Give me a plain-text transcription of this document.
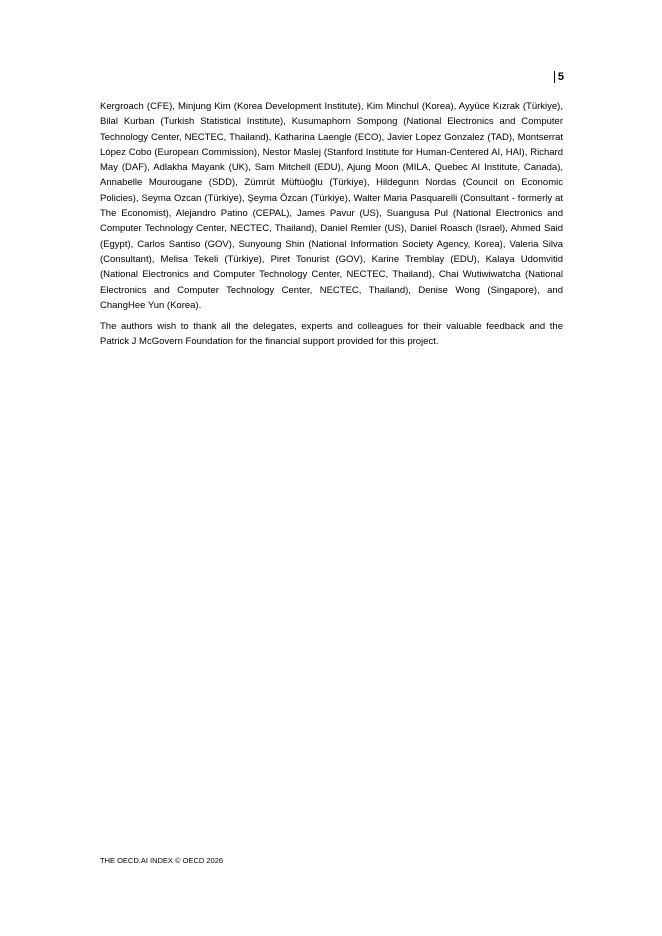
5

Kergroach (CFE), Minjung Kim (Korea Development Institute), Kim Minchul (Korea), Ayyüce Kızrak (Türkiye), Bilal Kurban (Turkish Statistical Institute), Kusumaphorn Sompong (National Electronics and Computer Technology Center, NECTEC, Thailand), Katharina Laengle (ECO), Javier Lopez Gonzalez (TAD), Montserrat López Cobo (European Commission), Nestor Maslej (Stanford Institute for Human-Centered AI, HAI), Richard May (DAF), Adlakha Mayank (UK), Sam Mitchell (EDU), Ajung Moon (MILA, Quebec AI Institute, Canada), Annabelle Mourougane (SDD), Zümrüt Müftüoğlu (Türkiye), Hildegunn Nordas (Council on Economic Policies), Seyma Ozcan (Türkiye), Şeyma Özcan (Türkiye), Walter Maria Pasquarelli (Consultant - formerly at The Economist), Alejandro Patino (CEPAL), James Pavur (US), Suangusa Pul (National Electronics and Computer Technology Center, NECTEC, Thailand), Daniel Remler (US), Daniel Roasch (Israel), Ahmed Said (Egypt), Carlos Santiso (GOV), Sunyoung Shin (National Information Society Agency, Korea), Valeria Silva (Consultant), Melisa Tekeli (Türkiye), Piret Tonurist (GOV), Karine Tremblay (EDU), Kalaya Udomvitid (National Electronics and Computer Technology Center, NECTEC, Thailand), Chai Wutiwiwatcha (National Electronics and Computer Technology Center, NECTEC, Thailand), Denise Wong (Singapore), and ChangHee Yun (Korea).

The authors wish to thank all the delegates, experts and colleagues for their valuable feedback and the Patrick J McGovern Foundation for the financial support provided for this project.

THE OECD.AI INDEX © OECD 2026
